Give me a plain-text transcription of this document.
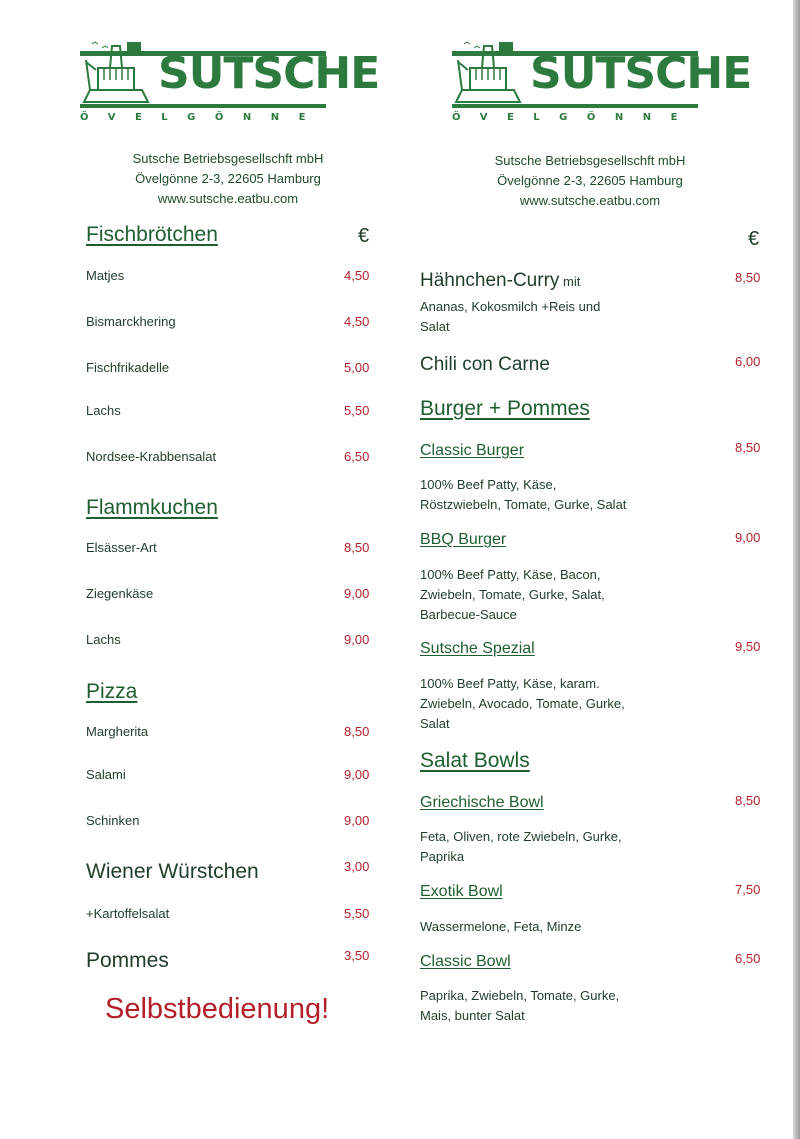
SUTSCHE
ÖVELGÖNNE
SUTSCHE
ÖVELGÖNNE
Sutsche Betriebsgesellschft mbH
Övelgönne 2-3, 22605 Hamburg
www.sutsche.eatbu.com
Sutsche Betriebsgesellschft mbH
Övelgönne 2-3, 22605 Hamburg
www.sutsche.eatbu.com
Fischbrötchen	€
Matjes	4,50
Bismarckhering	4,50
Fischfrikadelle	5,00
Lachs	5,50
Nordsee-Krabbensalat	6,50
Flammkuchen
Elsässer-Art	8,50
Ziegenkäse	9,00
Lachs	9,00
Pizza
Margherita	8,50
Salami	9,00
Schinken	9,00
Wiener Würstchen	3,00
+Kartoffelsalat	5,50
Pommes	3,50
Selbstbedienung!
€
Hähnchen-Curry mit	8,50
Ananas, Kokosmilch +Reis und
Salat
Chili con Carne	6,00
Burger + Pommes
Classic Burger	8,50
100% Beef Patty, Käse,
Röstzwiebeln, Tomate, Gurke, Salat
BBQ Burger	9,00
100% Beef Patty, Käse, Bacon,
Zwiebeln, Tomate, Gurke, Salat,
Barbecue-Sauce
Sutsche Spezial	9,50
100% Beef Patty, Käse, karam.
Zwiebeln, Avocado, Tomate, Gurke,
Salat
Salat Bowls
Griechische Bowl	8,50
Feta, Oliven, rote Zwiebeln, Gurke,
Paprika
Exotik Bowl	7,50
Wassermelone, Feta, Minze
Classic Bowl	6,50
Paprika, Zwiebeln, Tomate, Gurke,
Mais, bunter Salat
